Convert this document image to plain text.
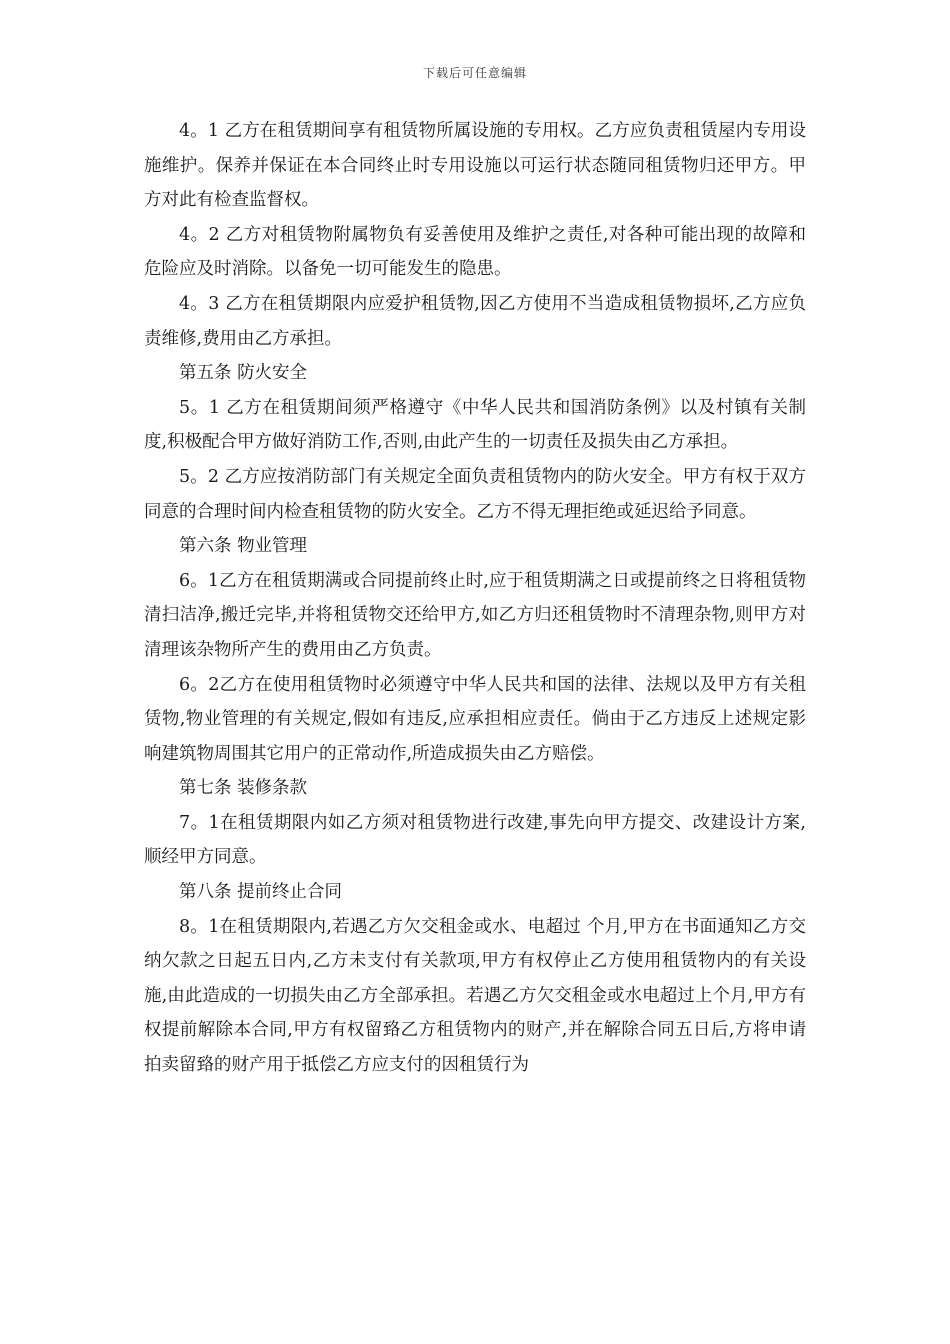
下载后可任意编辑

4。1 乙方在租赁期间享有租赁物所属设施的专用权。乙方应负责租赁屋内专用设施维护。保养并保证在本合同终止时专用设施以可运行状态随同租赁物归还甲方。甲方对此有检查监督权。

4。2 乙方对租赁物附属物负有妥善使用及维护之责任,对各种可能出现的故障和危险应及时消除。以备免一切可能发生的隐患。

4。3 乙方在租赁期限内应爱护租赁物,因乙方使用不当造成租赁物损坏,乙方应负责维修,费用由乙方承担。

第五条 防火安全

5。1 乙方在租赁期间须严格遵守《中华人民共和国消防条例》以及村镇有关制度,积极配合甲方做好消防工作,否则,由此产生的一切责任及损失由乙方承担。

5。2 乙方应按消防部门有关规定全面负责租赁物内的防火安全。甲方有权于双方同意的合理时间内检查租赁物的防火安全。乙方不得无理拒绝或延迟给予同意。

第六条 物业管理

6。1乙方在租赁期满或合同提前终止时,应于租赁期满之日或提前终之日将租赁物清扫洁净,搬迁完毕,并将租赁物交还给甲方,如乙方归还租赁物时不清理杂物,则甲方对清理该杂物所产生的费用由乙方负责。

6。2乙方在使用租赁物时必须遵守中华人民共和国的法律、法规以及甲方有关租赁物,物业管理的有关规定,假如有违反,应承担相应责任。倘由于乙方违反上述规定影响建筑物周围其它用户的正常动作,所造成损失由乙方赔偿。

第七条 装修条款

7。1在租赁期限内如乙方须对租赁物进行改建,事先向甲方提交、改建设计方案,顺经甲方同意。

第八条 提前终止合同

8。1在租赁期限内,若遇乙方欠交租金或水、电超过 个月,甲方在书面通知乙方交纳欠款之日起五日内,乙方未支付有关款项,甲方有权停止乙方使用租赁物内的有关设施,由此造成的一切损失由乙方全部承担。若遇乙方欠交租金或水电超过上个月,甲方有权提前解除本合同,甲方有权留臵乙方租赁物内的财产,并在解除合同五日后,方将申请拍卖留臵的财产用于抵偿乙方应支付的因租赁行为
